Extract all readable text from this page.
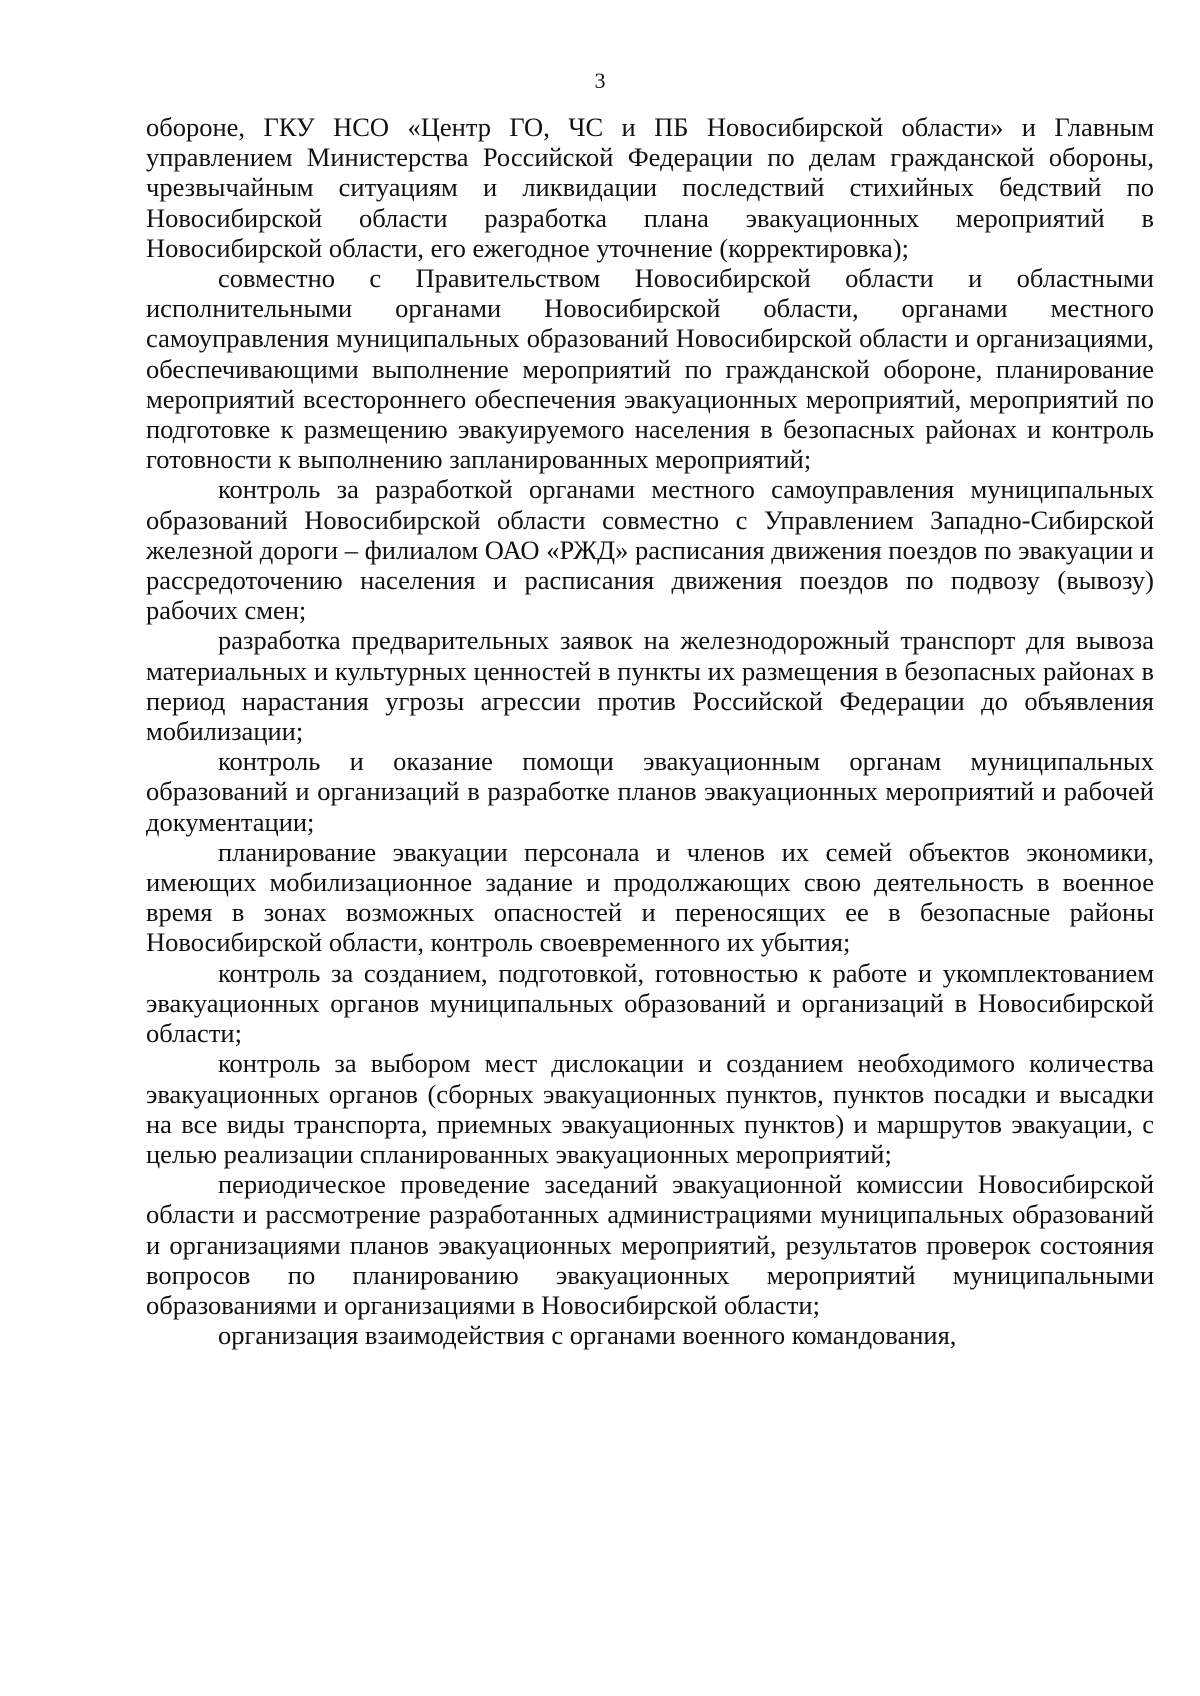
3

обороне, ГКУ НСО «Центр ГО, ЧС и ПБ Новосибирской области» и Главным управлением Министерства Российской Федерации по делам гражданской обороны, чрезвычайным ситуациям и ликвидации последствий стихийных бедствий по Новосибирской области разработка плана эвакуационных мероприятий в Новосибирской области, его ежегодное уточнение (корректировка);

совместно с Правительством Новосибирской области и областными исполнительными органами Новосибирской области, органами местного самоуправления муниципальных образований Новосибирской области и организациями, обеспечивающими выполнение мероприятий по гражданской обороне, планирование мероприятий всестороннего обеспечения эвакуационных мероприятий, мероприятий по подготовке к размещению эвакуируемого населения в безопасных районах и контроль готовности к выполнению запланированных мероприятий;

контроль за разработкой органами местного самоуправления муниципальных образований Новосибирской области совместно с Управлением Западно-Сибирской железной дороги – филиалом ОАО «РЖД» расписания движения поездов по эвакуации и рассредоточению населения и расписания движения поездов по подвозу (вывозу) рабочих смен;

разработка предварительных заявок на железнодорожный транспорт для вывоза материальных и культурных ценностей в пункты их размещения в безопасных районах в период нарастания угрозы агрессии против Российской Федерации до объявления мобилизации;

контроль и оказание помощи эвакуационным органам муниципальных образований и организаций в разработке планов эвакуационных мероприятий и рабочей документации;

планирование эвакуации персонала и членов их семей объектов экономики, имеющих мобилизационное задание и продолжающих свою деятельность в военное время в зонах возможных опасностей и переносящих ее в безопасные районы Новосибирской области, контроль своевременного их убытия;

контроль за созданием, подготовкой, готовностью к работе и укомплектованием эвакуационных органов муниципальных образований и организаций в Новосибирской области;

контроль за выбором мест дислокации и созданием необходимого количества эвакуационных органов (сборных эвакуационных пунктов, пунктов посадки и высадки на все виды транспорта, приемных эвакуационных пунктов) и маршрутов эвакуации, с целью реализации спланированных эвакуационных мероприятий;

периодическое проведение заседаний эвакуационной комиссии Новосибирской области и рассмотрение разработанных администрациями муниципальных образований и организациями планов эвакуационных мероприятий, результатов проверок состояния вопросов по планированию эвакуационных мероприятий муниципальными образованиями и организациями в Новосибирской области;

организация взаимодействия с органами военного командования,
